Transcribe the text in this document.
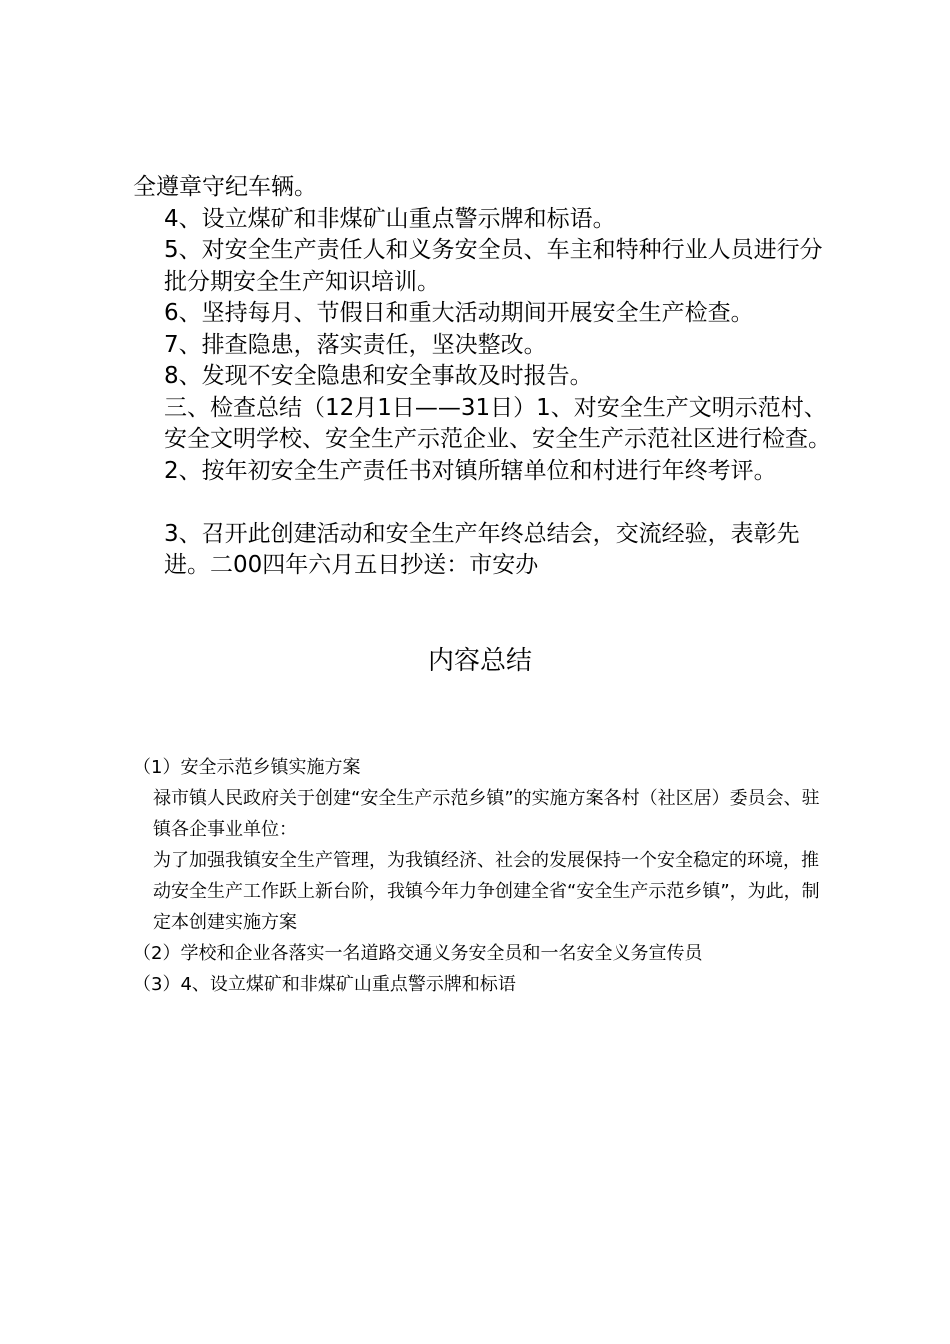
全遵章守纪车辆。

4、设立煤矿和非煤矿山重点警示牌和标语。

5、对安全生产责任人和义务安全员、车主和特种行业人员进行分批分期安全生产知识培训。

6、坚持每月、节假日和重大活动期间开展安全生产检查。

7、排查隐患，落实责任，坚决整改。

8、发现不安全隐患和安全事故及时报告。

三、检查总结（12月1日——31日）1、对安全生产文明示范村、安全文明学校、安全生产示范企业、安全生产示范社区进行检查。

2、按年初安全生产责任书对镇所辖单位和村进行年终考评。

3、召开此创建活动和安全生产年终总结会，交流经验，表彰先进。二00四年六月五日抄送：市安办

内容总结

（1）安全示范乡镇实施方案

禄市镇人民政府关于创建“安全生产示范乡镇”的实施方案各村（社区居）委员会、驻镇各企事业单位：

为了加强我镇安全生产管理，为我镇经济、社会的发展保持一个安全稳定的环境，推动安全生产工作跃上新台阶，我镇今年力争创建全省“安全生产示范乡镇”，为此，制定本创建实施方案

（2）学校和企业各落实一名道路交通义务安全员和一名安全义务宣传员

（3）4、设立煤矿和非煤矿山重点警示牌和标语
